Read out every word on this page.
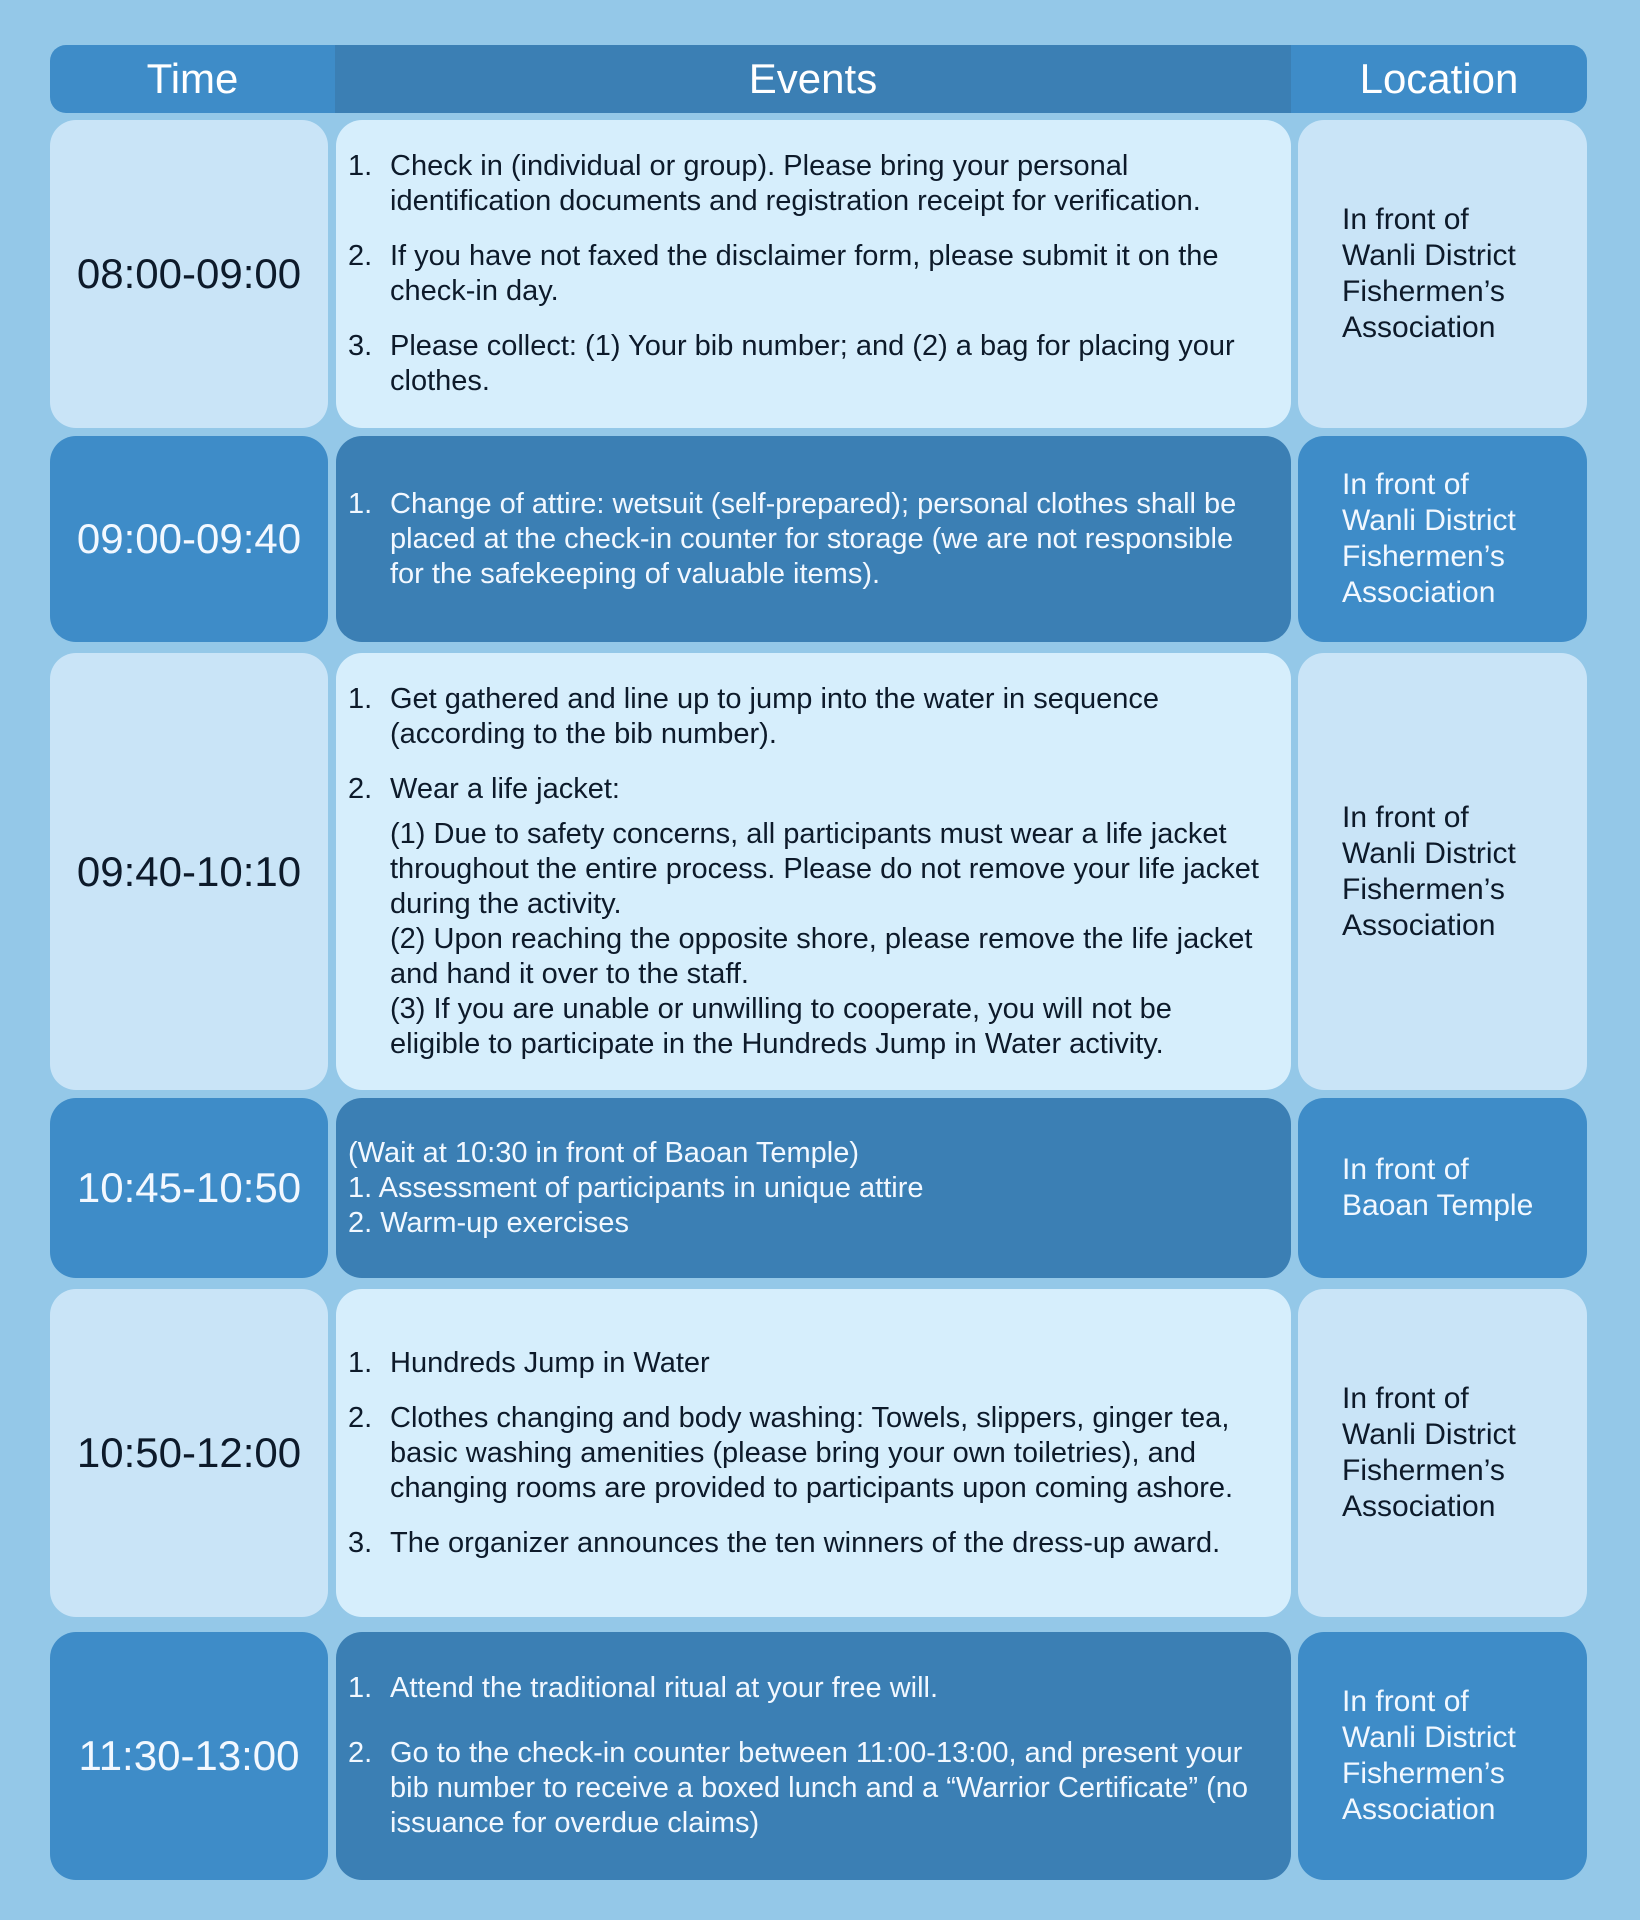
Time	Events	Location
08:00-09:00
1. Check in (individual or group). Please bring your personal identification documents and registration receipt for verification.
2. If you have not faxed the disclaimer form, please submit it on the check-in day.
3. Please collect: (1) Your bib number; and (2) a bag for placing your clothes.
In front of
Wanli District
Fishermen’s
Association
09:00-09:40
1. Change of attire: wetsuit (self-prepared); personal clothes shall be placed at the check-in counter for storage (we are not responsible for the safekeeping of valuable items).
In front of
Wanli District
Fishermen’s
Association
09:40-10:10
1. Get gathered and line up to jump into the water in sequence (according to the bib number).
2. Wear a life jacket:
(1) Due to safety concerns, all participants must wear a life jacket throughout the entire process. Please do not remove your life jacket during the activity.
(2) Upon reaching the opposite shore, please remove the life jacket and hand it over to the staff.
(3) If you are unable or unwilling to cooperate, you will not be eligible to participate in the Hundreds Jump in Water activity.
In front of
Wanli District
Fishermen’s
Association
10:45-10:50
(Wait at 10:30 in front of Baoan Temple)
1. Assessment of participants in unique attire
2. Warm-up exercises
In front of
Baoan Temple
10:50-12:00
1. Hundreds Jump in Water
2. Clothes changing and body washing: Towels, slippers, ginger tea, basic washing amenities (please bring your own toiletries), and changing rooms are provided to participants upon coming ashore.
3. The organizer announces the ten winners of the dress-up award.
In front of
Wanli District
Fishermen’s
Association
11:30-13:00
1. Attend the traditional ritual at your free will.
2. Go to the check-in counter between 11:00-13:00, and present your bib number to receive a boxed lunch and a “Warrior Certificate” (no issuance for overdue claims)
In front of
Wanli District
Fishermen’s
Association
